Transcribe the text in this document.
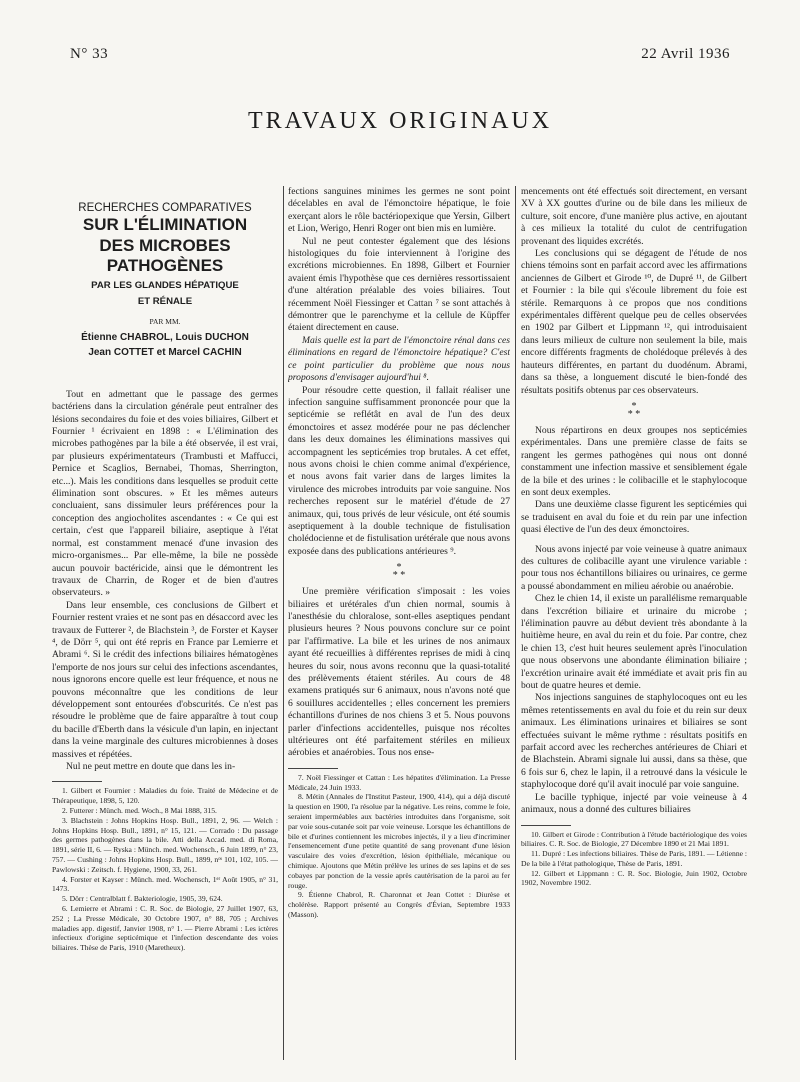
N° 33	22 Avril 1936
TRAVAUX ORIGINAUX
RECHERCHES COMPARATIVES
SUR L'ÉLIMINATION
DES MICROBES PATHOGÈNES
PAR LES GLANDES HÉPATIQUE
ET RÉNALE
PAR MM.
Étienne CHABROL, Louis DUCHON
Jean COTTET et Marcel CACHIN

Tout en admettant que le passage des germes bactériens dans la circulation générale peut entraîner des lésions secondaires du foie et des voies biliaires, Gilbert et Fournier ¹ écrivaient en 1898 : « L'élimination des microbes pathogènes par la bile a été observée, il est vrai, par plusieurs expérimentateurs (Trambusti et Maffucci, Pernice et Scaglios, Bernabei, Thomas, Sherrington, etc...). Mais les conditions dans lesquelles se produit cette élimination sont obscures. » Et les mêmes auteurs concluaient, sans dissimuler leurs préférences pour la conception des angiocholites ascendantes : « Ce qui est certain, c'est que l'appareil biliaire, aseptique à l'état normal, est constamment menacé d'une invasion des micro-organismes... Par elle-même, la bile ne possède aucun pouvoir bactéricide, ainsi que le démontrent les travaux de Charrin, de Roger et de bien d'autres observateurs. »

Dans leur ensemble, ces conclusions de Gilbert et Fournier restent vraies et ne sont pas en désaccord avec les travaux de Futterer ², de Blachstein ³, de Forster et Kayser ⁴, de Dörr ⁵, qui ont été repris en France par Lemierre et Abrami ⁶. Si le crédit des infections biliaires hématogènes l'emporte de nos jours sur celui des infections ascendantes, nous ignorons encore quelle est leur fréquence, et nous ne pouvons méconnaître que les conditions de leur développement sont entourées d'obscurités. Ce n'est pas résoudre le problème que de faire apparaître à tout coup du bacille d'Eberth dans la vésicule d'un lapin, en injectant dans la veine marginale des cultures microbiennes à doses massives et répétées.

Nul ne peut mettre en doute que dans les in-

1. Gilbert et Fournier : Maladies du foie. Traité de Médecine et de Thérapeutique, 1898, 5, 120.

2. Futterer : Münch. med. Woch., 8 Mai 1888, 315.

3. Blachstein : Johns Hopkins Hosp. Bull., 1891, 2, 96. — Welch : Johns Hopkins Hosp. Bull., 1891, n° 15, 121. — Corrado : Du passage des germes pathogènes dans la bile. Atti della Accad. med. di Roma, 1891, série II, 6. — Ryska : Münch. med. Wochensch., 6 Juin 1899, n° 23, 757. — Cushing : Johns Hopkins Hosp. Bull., 1899, nᵒˢ 101, 102, 105. — Pawlowski : Zeitsch. f. Hygiene, 1900, 33, 261.

4. Forster et Kayser : Münch. med. Wochensch, 1ᵉʳ Août 1905, n° 31, 1473.

5. Dörr : Centralblatt f. Bakteriologie, 1905, 39, 624.

6. Lemierre et Abrami : C. R. Soc. de Biologie, 27 Juillet 1907, 63, 252 ; La Presse Médicale, 30 Octobre 1907, n° 88, 705 ; Archives maladies app. digestif, Janvier 1908, n° 1. — Pierre Abrami : Les ictères infectieux d'origine septicémique et l'infection descendante des voies biliaires. Thèse de Paris, 1910 (Maretheux).

fections sanguines minimes les germes ne sont point décelables en aval de l'émonctoire hépatique, le foie exerçant alors le rôle bactériopexique que Yersin, Gilbert et Lion, Werigo, Henri Roger ont bien mis en lumière.

Nul ne peut contester également que des lésions histologiques du foie interviennent à l'origine des excrétions microbiennes. En 1898, Gilbert et Fournier avaient émis l'hypothèse que ces dernières ressortissaient d'une altération préalable des voies biliaires. Tout récemment Noël Fiessinger et Cattan ⁷ se sont attachés à démontrer que le parenchyme et la cellule de Küpffer étaient directement en cause.

Mais quelle est la part de l'émonctoire rénal dans ces éliminations en regard de l'émonctoire hépatique? C'est ce point particulier du problème que nous nous proposons d'envisager aujourd'hui ⁸.

Pour résoudre cette question, il fallait réaliser une infection sanguine suffisamment prononcée pour que la septicémie se reflétât en aval de l'un des deux émonctoires et assez modérée pour ne pas déclencher dans les deux domaines les éliminations massives qui accompagnent les septicémies trop brutales. A cet effet, nous avons choisi le chien comme animal d'expérience, et nous avons fait varier dans de larges limites la virulence des microbes introduits par voie sanguine. Nos recherches reposent sur le matériel d'étude de 27 animaux, qui, tous privés de leur vésicule, ont été soumis aseptiquement à la double technique de fistulisation cholédocienne et de fistulisation urétérale que nous avons exposée dans des publications antérieures ⁹.

*
* *

Une première vérification s'imposait : les voies biliaires et urétérales d'un chien normal, soumis à l'anesthésie du chloralose, sont-elles aseptiques pendant plusieurs heures ? Nous pouvons conclure sur ce point par l'affirmative. La bile et les urines de nos animaux ayant été recueillies à différentes reprises de midi à cinq heures du soir, nous avons reconnu que la quasi-totalité des prélèvements étaient stériles. Au cours de 48 examens pratiqués sur 6 animaux, nous n'avons noté que 6 souillures accidentelles ; elles concernent les premiers échantillons d'urines de nos chiens 3 et 5. Nous pouvons parler d'infections accidentelles, puisque nos récoltes ultérieures ont été parfaitement stériles en milieux aérobies et anaérobies. Tous nos ense-

7. Noël Fiessinger et Cattan : Les hépatites d'élimination. La Presse Médicale, 24 Juin 1933.

8. Métin (Annales de l'Institut Pasteur, 1900, 414), qui a déjà discuté la question en 1900, l'a résolue par la négative. Les reins, comme le foie, seraient imperméables aux bactéries introduites dans l'organisme, soit par voie sous-cutanée soit par voie veineuse. Lorsque les échantillons de bile et d'urines contiennent les microbes injectés, il y a lieu d'incriminer l'ensemencement d'une petite quantité de sang provenant d'une lésion vasculaire des voies d'excrétion, lésion épithéliale, mécanique ou chimique. Ajoutons que Métin prélève les urines de ses lapins et de ses cobayes par ponction de la vessie après cautérisation de la paroi au fer rouge.

9. Étienne Chabrol, R. Charonnat et Jean Cottet : Diurèse et cholérèse. Rapport présenté au Congrès d'Évian, Septembre 1933 (Masson).

mencements ont été effectués soit directement, en versant XV à XX gouttes d'urine ou de bile dans les milieux de culture, soit encore, d'une manière plus active, en ajoutant à ces milieux la totalité du culot de centrifugation provenant des liquides excrétés.

Les conclusions qui se dégagent de l'étude de nos chiens témoins sont en parfait accord avec les affirmations anciennes de Gilbert et Girode ¹⁰, de Dupré ¹¹, de Gilbert et Fournier : la bile qui s'écoule librement du foie est stérile. Remarquons à ce propos que nos conditions expérimentales diffèrent quelque peu de celles observées en 1902 par Gilbert et Lippmann ¹², qui introduisaient dans leurs milieux de culture non seulement la bile, mais encore différents fragments de cholédoque prélevés à des hauteurs différentes, en partant du duodénum. Abrami, dans sa thèse, a longuement discuté le bien-fondé des résultats positifs obtenus par ces observateurs.

*
* *

Nous répartirons en deux groupes nos septicémies expérimentales. Dans une première classe de faits se rangent les germes pathogènes qui nous ont donné constamment une infection massive et sensiblement égale de la bile et des urines : le colibacille et le staphylocoque en sont deux exemples.

Dans une deuxième classe figurent les septicémies qui se traduisent en aval du foie et du rein par une infection quasi élective de l'un des deux émonctoires.

Nous avons injecté par voie veineuse à quatre animaux des cultures de colibacille ayant une virulence variable : pour tous nos échantillons biliaires ou urinaires, ce germe a poussé abondamment en milieu aérobie ou anaérobie.

Chez le chien 14, il existe un parallélisme remarquable dans l'excrétion biliaire et urinaire du microbe ; l'élimination pauvre au début devient très abondante à la huitième heure, en aval du rein et du foie. Par contre, chez le chien 13, c'est huit heures seulement après l'inoculation que nous observons une abondante élimination biliaire ; l'excrétion urinaire avait été immédiate et avait pris fin au bout de quatre heures et demie.

Nos injections sanguines de staphylocoques ont eu les mêmes retentissements en aval du foie et du rein sur deux animaux. Les éliminations urinaires et biliaires se sont effectuées suivant le même rythme : résultats positifs en parfait accord avec les recherches antérieures de Chiari et de Blachstein. Abrami signale lui aussi, dans sa thèse, que 6 fois sur 6, chez le lapin, il a retrouvé dans la vésicule le staphylocoque doré qu'il avait inoculé par voie sanguine.

Le bacille typhique, injecté par voie veineuse à 4 animaux, nous a donné des cultures biliaires

10. Gilbert et Girode : Contribution à l'étude bactériologique des voies biliaires. C. R. Soc. de Biologie, 27 Décembre 1890 et 21 Mai 1891.

11. Dupré : Les infections biliaires. Thèse de Paris, 1891. — Létienne : De la bile à l'état pathologique, Thèse de Paris, 1891.

12. Gilbert et Lippmann : C. R. Soc. Biologie, Juin 1902, Octobre 1902, Novembre 1902.
